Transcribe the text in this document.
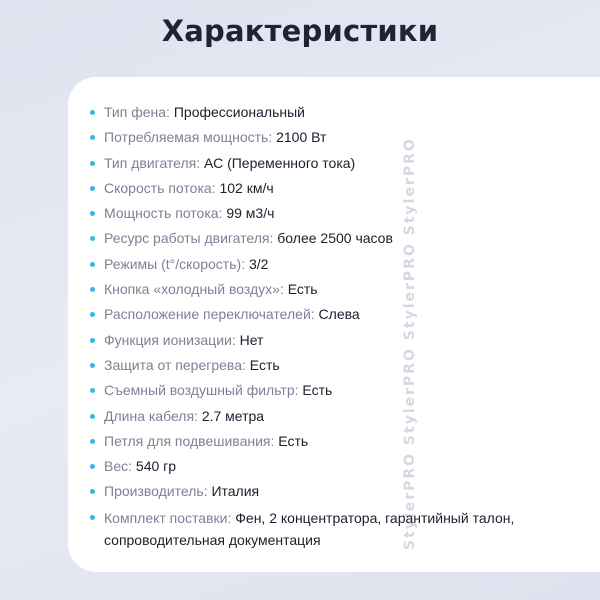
Характеристики
StylerPRO StylerPRO StylerPRO StylerPRO
Тип фена: Профессиональный
Потребляемая мощность: 2100 Вт
Тип двигателя: АС (Переменного тока)
Скорость потока: 102 км/ч
Мощность потока: 99 м3/ч
Ресурс работы двигателя: более 2500 часов
Режимы (t°/скорость): 3/2
Кнопка «холодный воздух»: Есть
Расположение переключателей: Слева
Функция ионизации: Нет
Защита от перегрева: Есть
Съемный воздушный фильтр: Есть
Длина кабеля: 2.7 метра
Петля для подвешивания: Есть
Вес: 540 гр
Производитель: Италия
Комплект поставки: Фен, 2 концентратора, гарантийный талон, сопроводительная документация
